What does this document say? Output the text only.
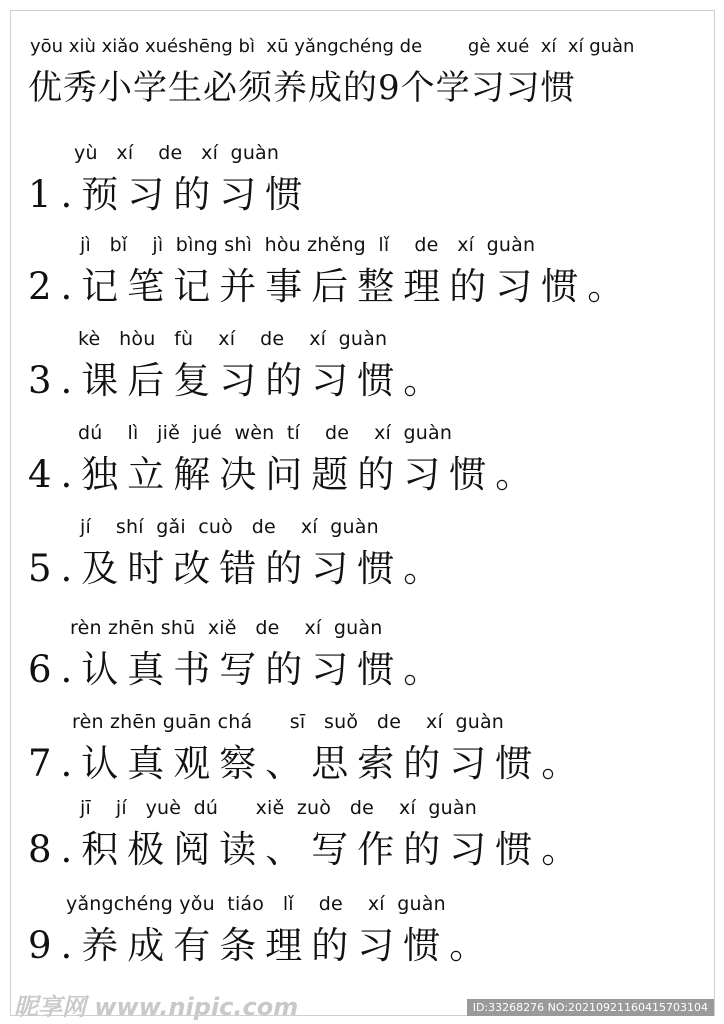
yōu xiù xiǎo xuéshēng bì  xū yǎngchéng de        gè xué  xí  xí guàn
优秀小学生必须养成的9个学习习惯
yù   xí    de   xí  guàn
1.预习的习惯
jì   bǐ    jì  bìng shì  hòu zhěng  lǐ    de   xí  guàn
2.记笔记并事后整理的习惯。
kè   hòu   fù    xí    de    xí  guàn
3.课后复习的习惯。
dú    lì   jiě  jué  wèn  tí    de    xí  guàn
4.独立解决问题的习惯。
jí    shí  gǎi  cuò   de    xí  guàn
5.及时改错的习惯。
rèn zhēn shū  xiě   de    xí  guàn
6.认真书写的习惯。
rèn zhēn guān chá      sī   suǒ   de    xí  guàn
7.认真观察、思索的习惯。
jī    jí   yuè  dú      xiě  zuò   de    xí  guàn
8.积极阅读、写作的习惯。
yǎngchéng yǒu  tiáo   lǐ    de    xí  guàn
9.养成有条理的习惯。
昵享网 www.nipic.com	ID:33268276 NO:20210921160415703104
